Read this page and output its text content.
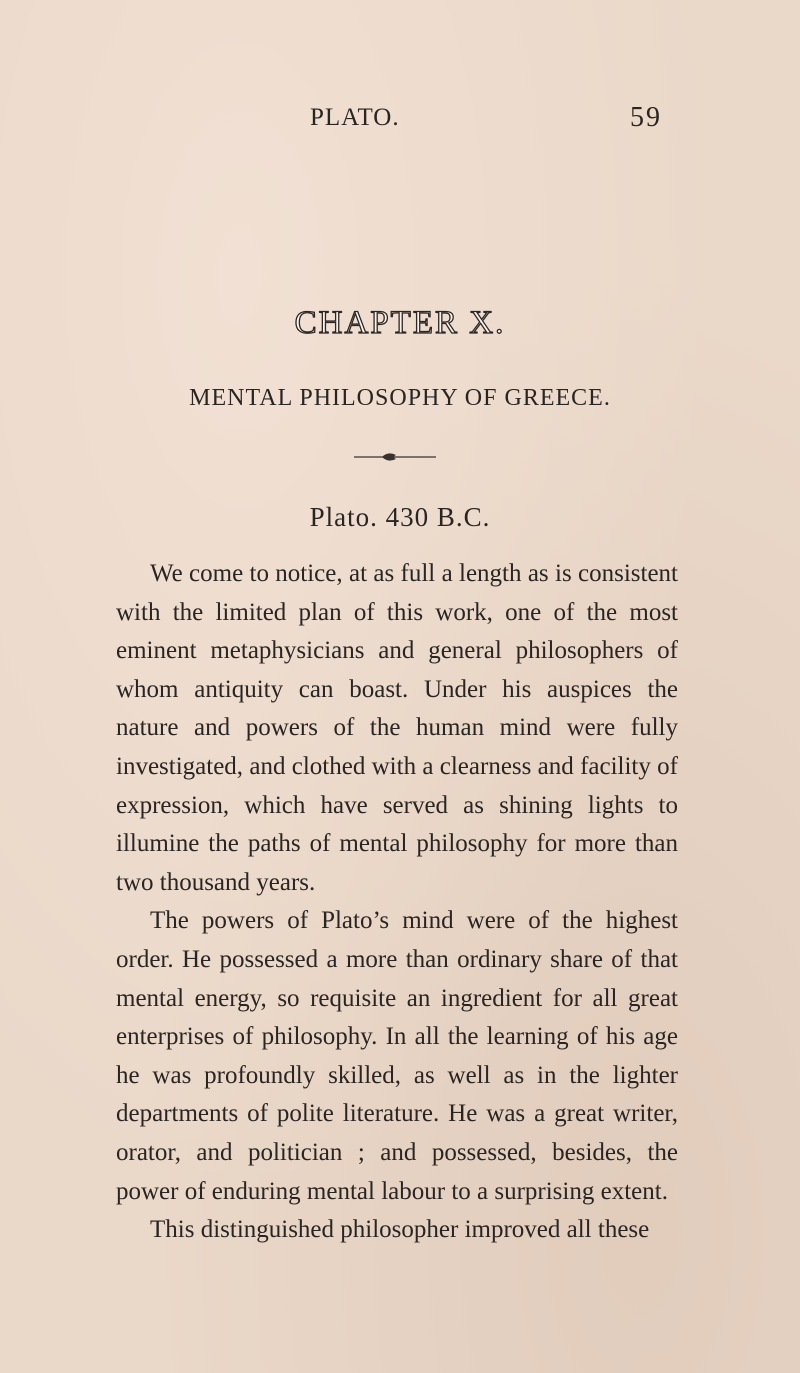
PLATO.	59
CHAPTER X.
MENTAL PHILOSOPHY OF GREECE.
Plato. 430 B.C.

We come to notice, at as full a length as is consistent with the limited plan of this work, one of the most eminent metaphysicians and general philosophers of whom antiquity can boast. Under his auspices the nature and powers of the human mind were fully investigated, and clothed with a clearness and facility of expression, which have served as shining lights to illumine the paths of mental philosophy for more than two thousand years.

The powers of Plato’s mind were of the highest order. He possessed a more than ordinary share of that mental energy, so requisite an ingredient for all great enterprises of philosophy. In all the learning of his age he was profoundly skilled, as well as in the lighter departments of polite literature. He was a great writer, orator, and politician ; and possessed, besides, the power of enduring mental labour to a surprising extent.

This distinguished philosopher improved all these
